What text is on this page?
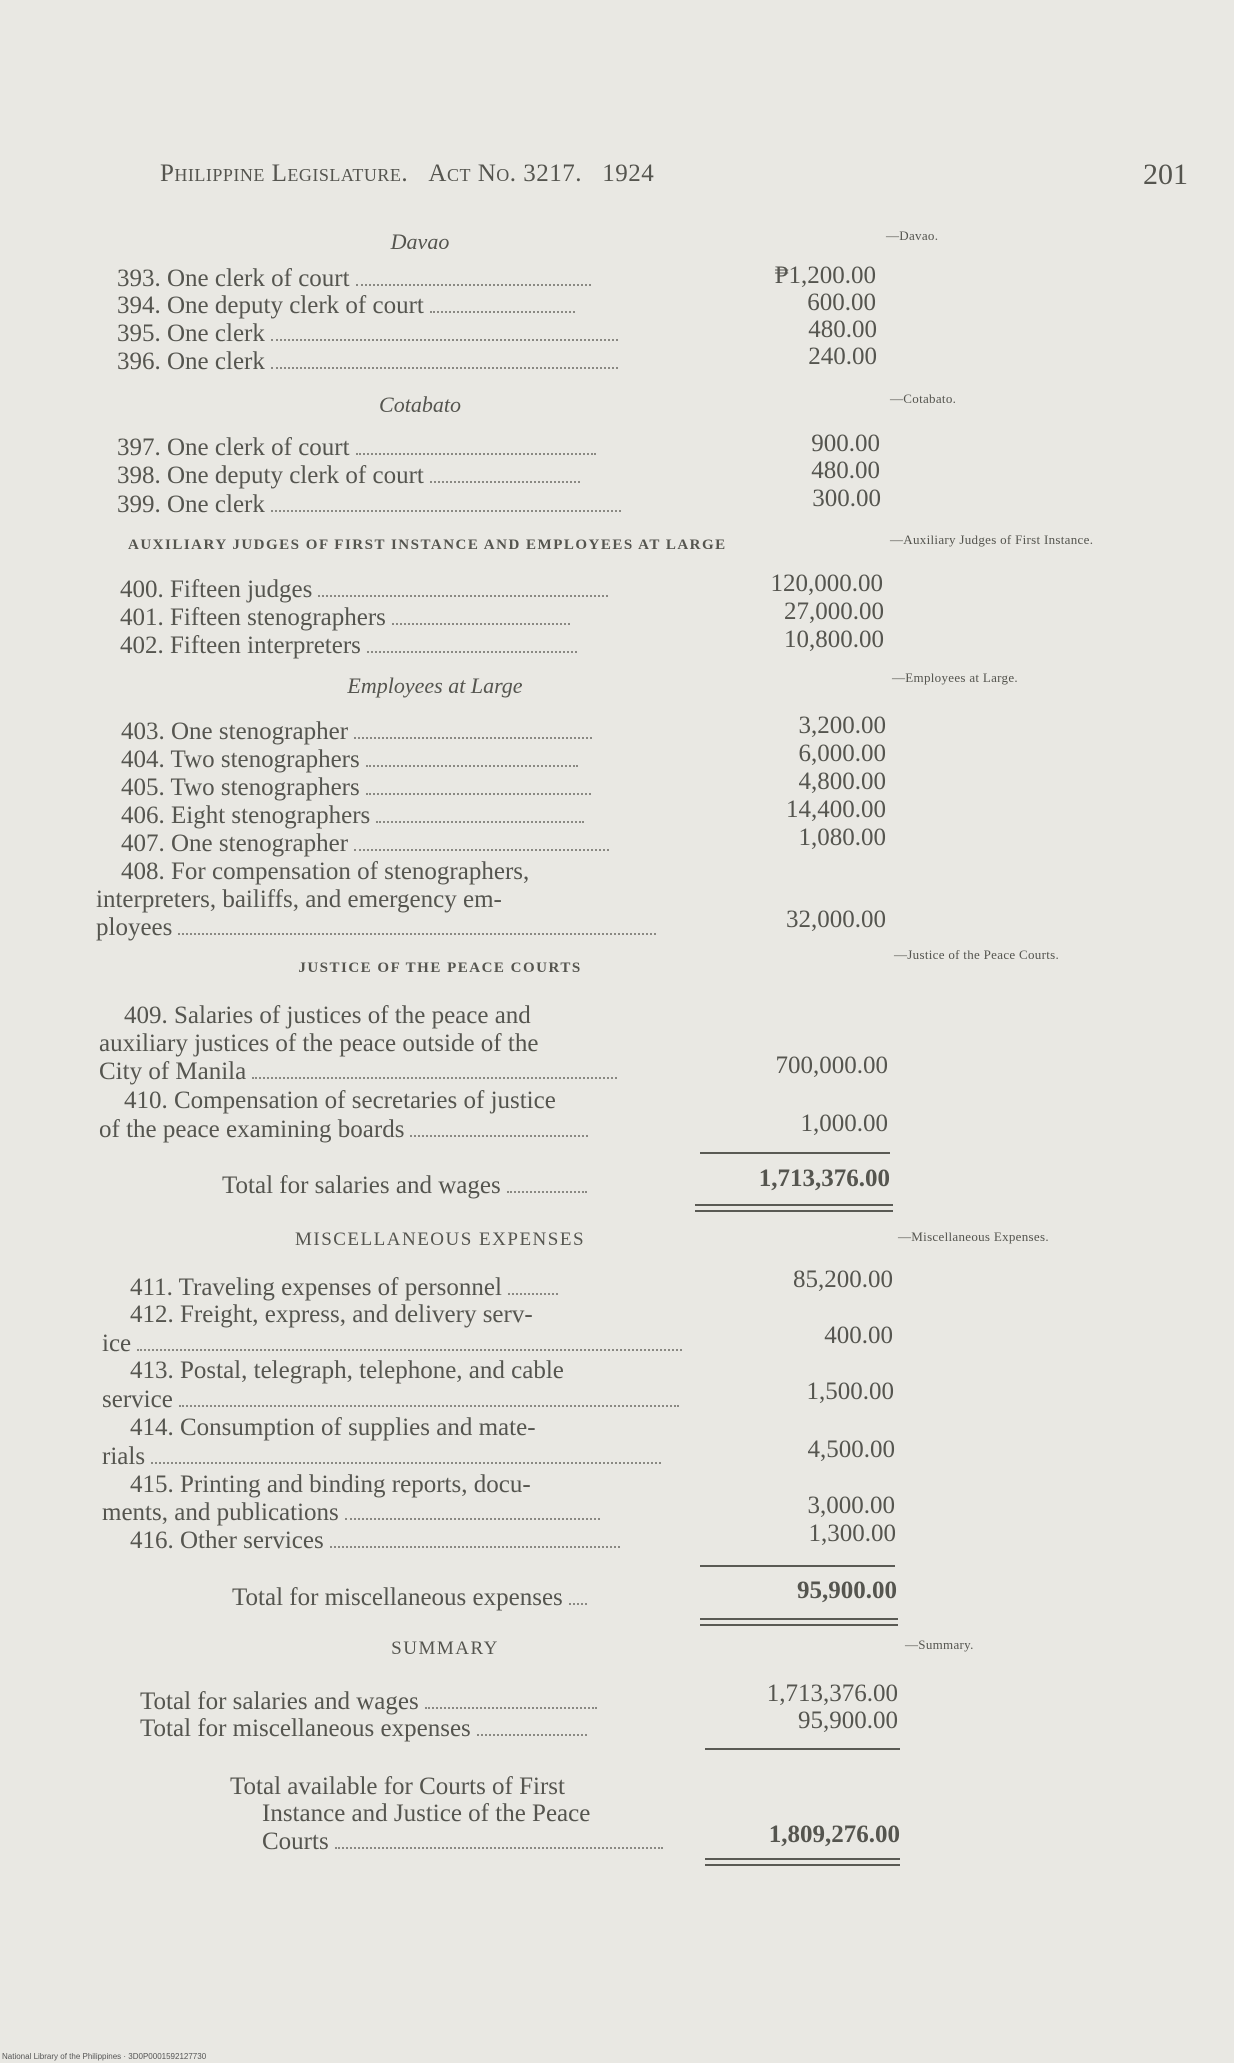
Philippine Legislature. Act No. 3217. 1924	201
Davao	—Davao.
393. One clerk of court	₱1,200.00
394. One deputy clerk of court	600.00
395. One clerk	480.00
396. One clerk	240.00
Cotabato	—Cotabato.
397. One clerk of court	900.00
398. One deputy clerk of court	480.00
399. One clerk	300.00
AUXILIARY JUDGES OF FIRST INSTANCE AND EMPLOYEES AT LARGE	—Auxiliary Judges of First Instance.
400. Fifteen judges	120,000.00
401. Fifteen stenographers	27,000.00
402. Fifteen interpreters	10,800.00
Employees at Large	—Employees at Large.
403. One stenographer	3,200.00
404. Two stenographers	6,000.00
405. Two stenographers	4,800.00
406. Eight stenographers	14,400.00
407. One stenographer	1,080.00
408. For compensation of stenographers,
interpreters, bailiffs, and emergency em-
ployees	32,000.00
JUSTICE OF THE PEACE COURTS
—Justice of the Peace Courts.
409. Salaries of justices of the peace and
auxiliary justices of the peace outside of the
City of Manila	700,000.00
410. Compensation of secretaries of justice
of the peace examining boards	1,000.00
Total for salaries and wages	1,713,376.00
MISCELLANEOUS EXPENSES	—Miscellaneous Expenses.
411. Traveling expenses of personnel	85,200.00
412. Freight, express, and delivery serv-
ice	400.00
413. Postal, telegraph, telephone, and cable
service	1,500.00
414. Consumption of supplies and mate-
rials	4,500.00
415. Printing and binding reports, docu-
ments, and publications	3,000.00
416. Other services	1,300.00
Total for miscellaneous expenses	95,900.00
SUMMARY	—Summary.
Total for salaries and wages	1,713,376.00
Total for miscellaneous expenses	95,900.00
Total available for Courts of First
Instance and Justice of the Peace
Courts	1,809,276.00
National Library of the Philippines · 3D0P0001592127730
